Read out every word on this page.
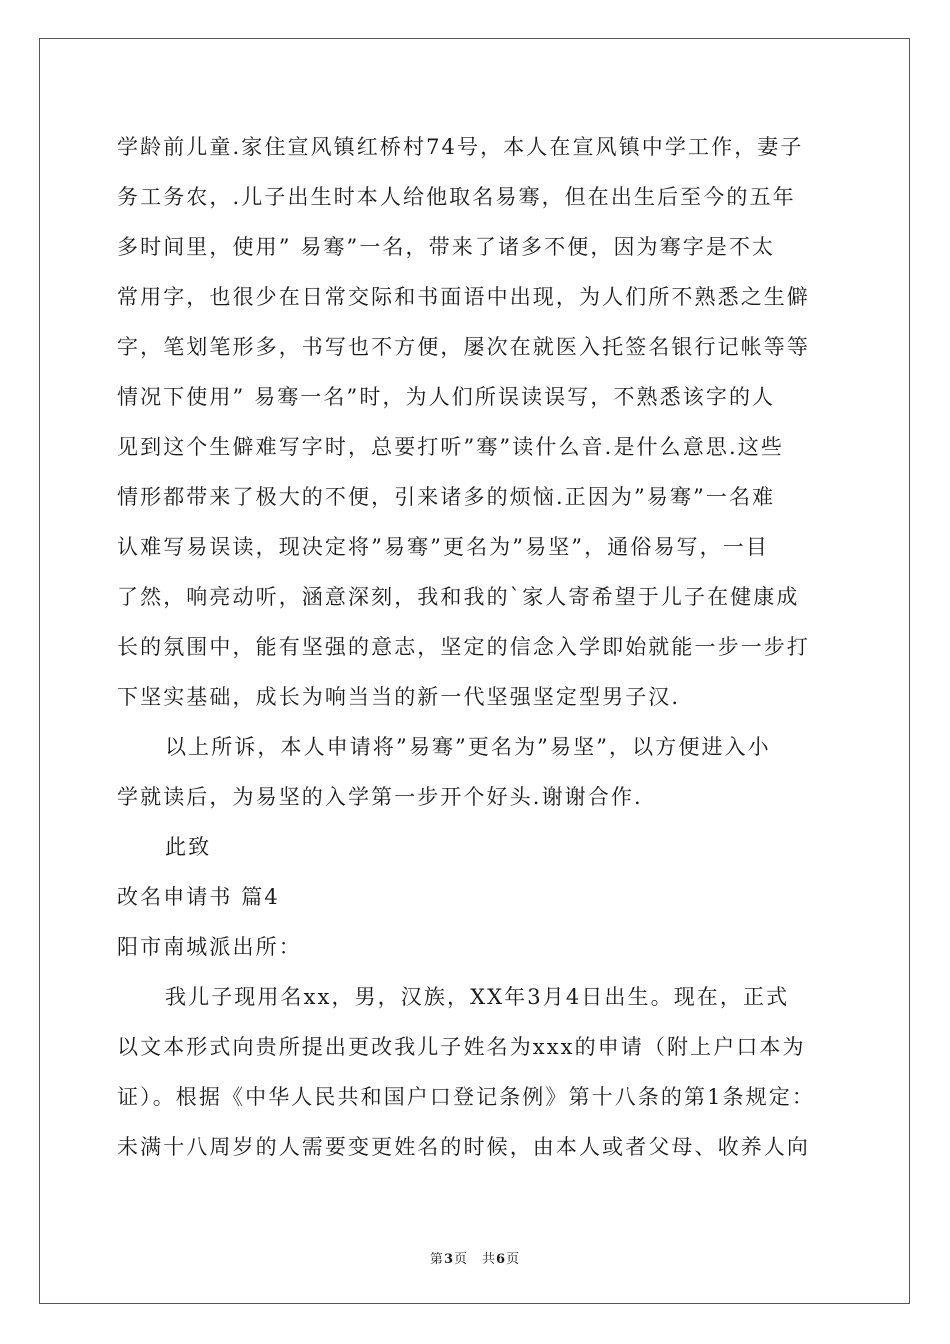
学龄前儿童.家住宣风镇红桥村74号，本人在宣风镇中学工作，妻子
务工务农，.儿子出生时本人给他取名易骞，但在出生后至今的五年
多时间里，使用” 易骞”一名，带来了诸多不便，因为骞字是不太
常用字，也很少在日常交际和书面语中出现，为人们所不熟悉之生僻
字，笔划笔形多，书写也不方便，屡次在就医入托签名银行记帐等等
情况下使用” 易骞一名”时，为人们所误读误写，不熟悉该字的人
见到这个生僻难写字时，总要打听”骞”读什么音.是什么意思.这些
情形都带来了极大的不便，引来诸多的烦恼.正因为”易骞”一名难
认难写易误读，现决定将”易骞”更名为”易坚”，通俗易写，一目
了然，响亮动听，涵意深刻，我和我的`家人寄希望于儿子在健康成
长的氛围中，能有坚强的意志，坚定的信念入学即始就能一步一步打
下坚实基础，成长为响当当的新一代坚强坚定型男子汉.
以上所诉，本人申请将”易骞”更名为”易坚”，以方便进入小
学就读后，为易坚的入学第一步开个好头.谢谢合作.
此致
改名申请书 篇4
阳市南城派出所：
我儿子现用名xx，男，汉族，XX年3月4日出生。现在，正式
以文本形式向贵所提出更改我儿子姓名为xxx的申请（附上户口本为
证）。根据《中华人民共和国户口登记条例》第十八条的第1条规定：
未满十八周岁的人需要变更姓名的时候，由本人或者父母、收养人向
第3页 共6页
